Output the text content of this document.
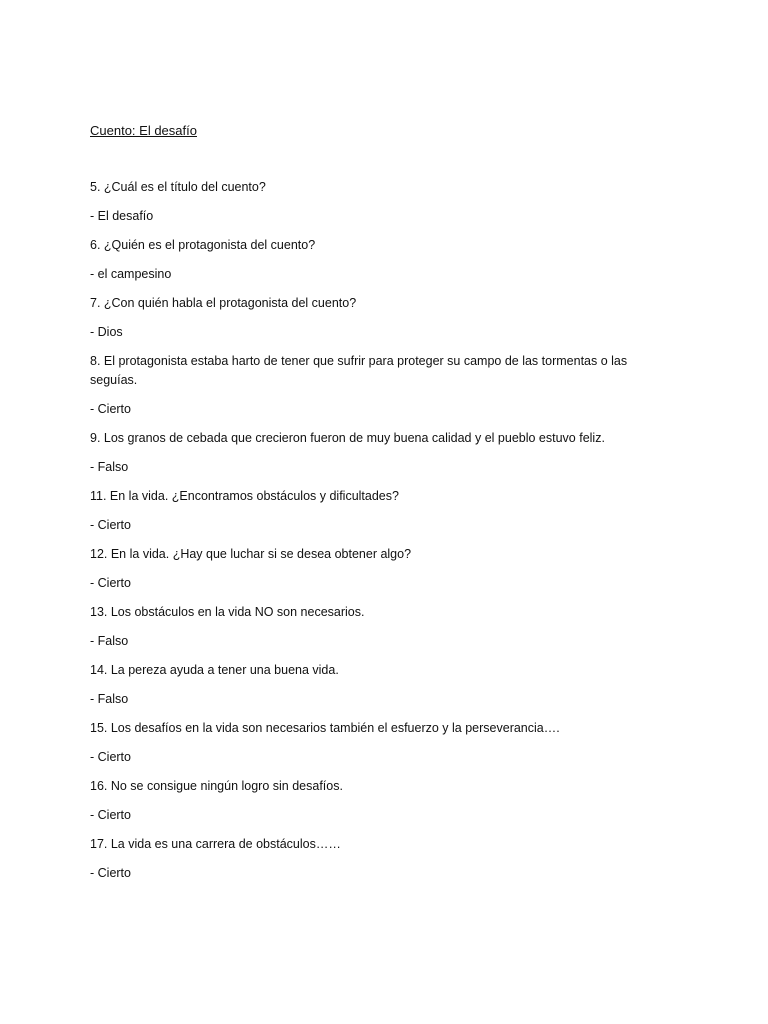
Cuento: El desafío

5. ¿Cuál es el título del cuento?

- El desafío

6. ¿Quién es el protagonista del cuento?

- el campesino

7. ¿Con quién habla el protagonista del cuento?

- Dios

8. El protagonista estaba harto de tener que sufrir para proteger su campo de las tormentas o las seguías.

- Cierto

9. Los granos de cebada que crecieron fueron de muy buena calidad y el pueblo estuvo feliz.

- Falso

11. En la vida. ¿Encontramos obstáculos y dificultades?

- Cierto

12. En la vida. ¿Hay que luchar si se desea obtener algo?

- Cierto

13. Los obstáculos en la vida NO son necesarios.

- Falso

14. La pereza ayuda a tener una buena vida.

- Falso

15. Los desafíos en la vida son necesarios también el esfuerzo y la perseverancia….

- Cierto

16. No se consigue ningún logro sin desafíos.

- Cierto

17. La vida es una carrera de obstáculos……

- Cierto
